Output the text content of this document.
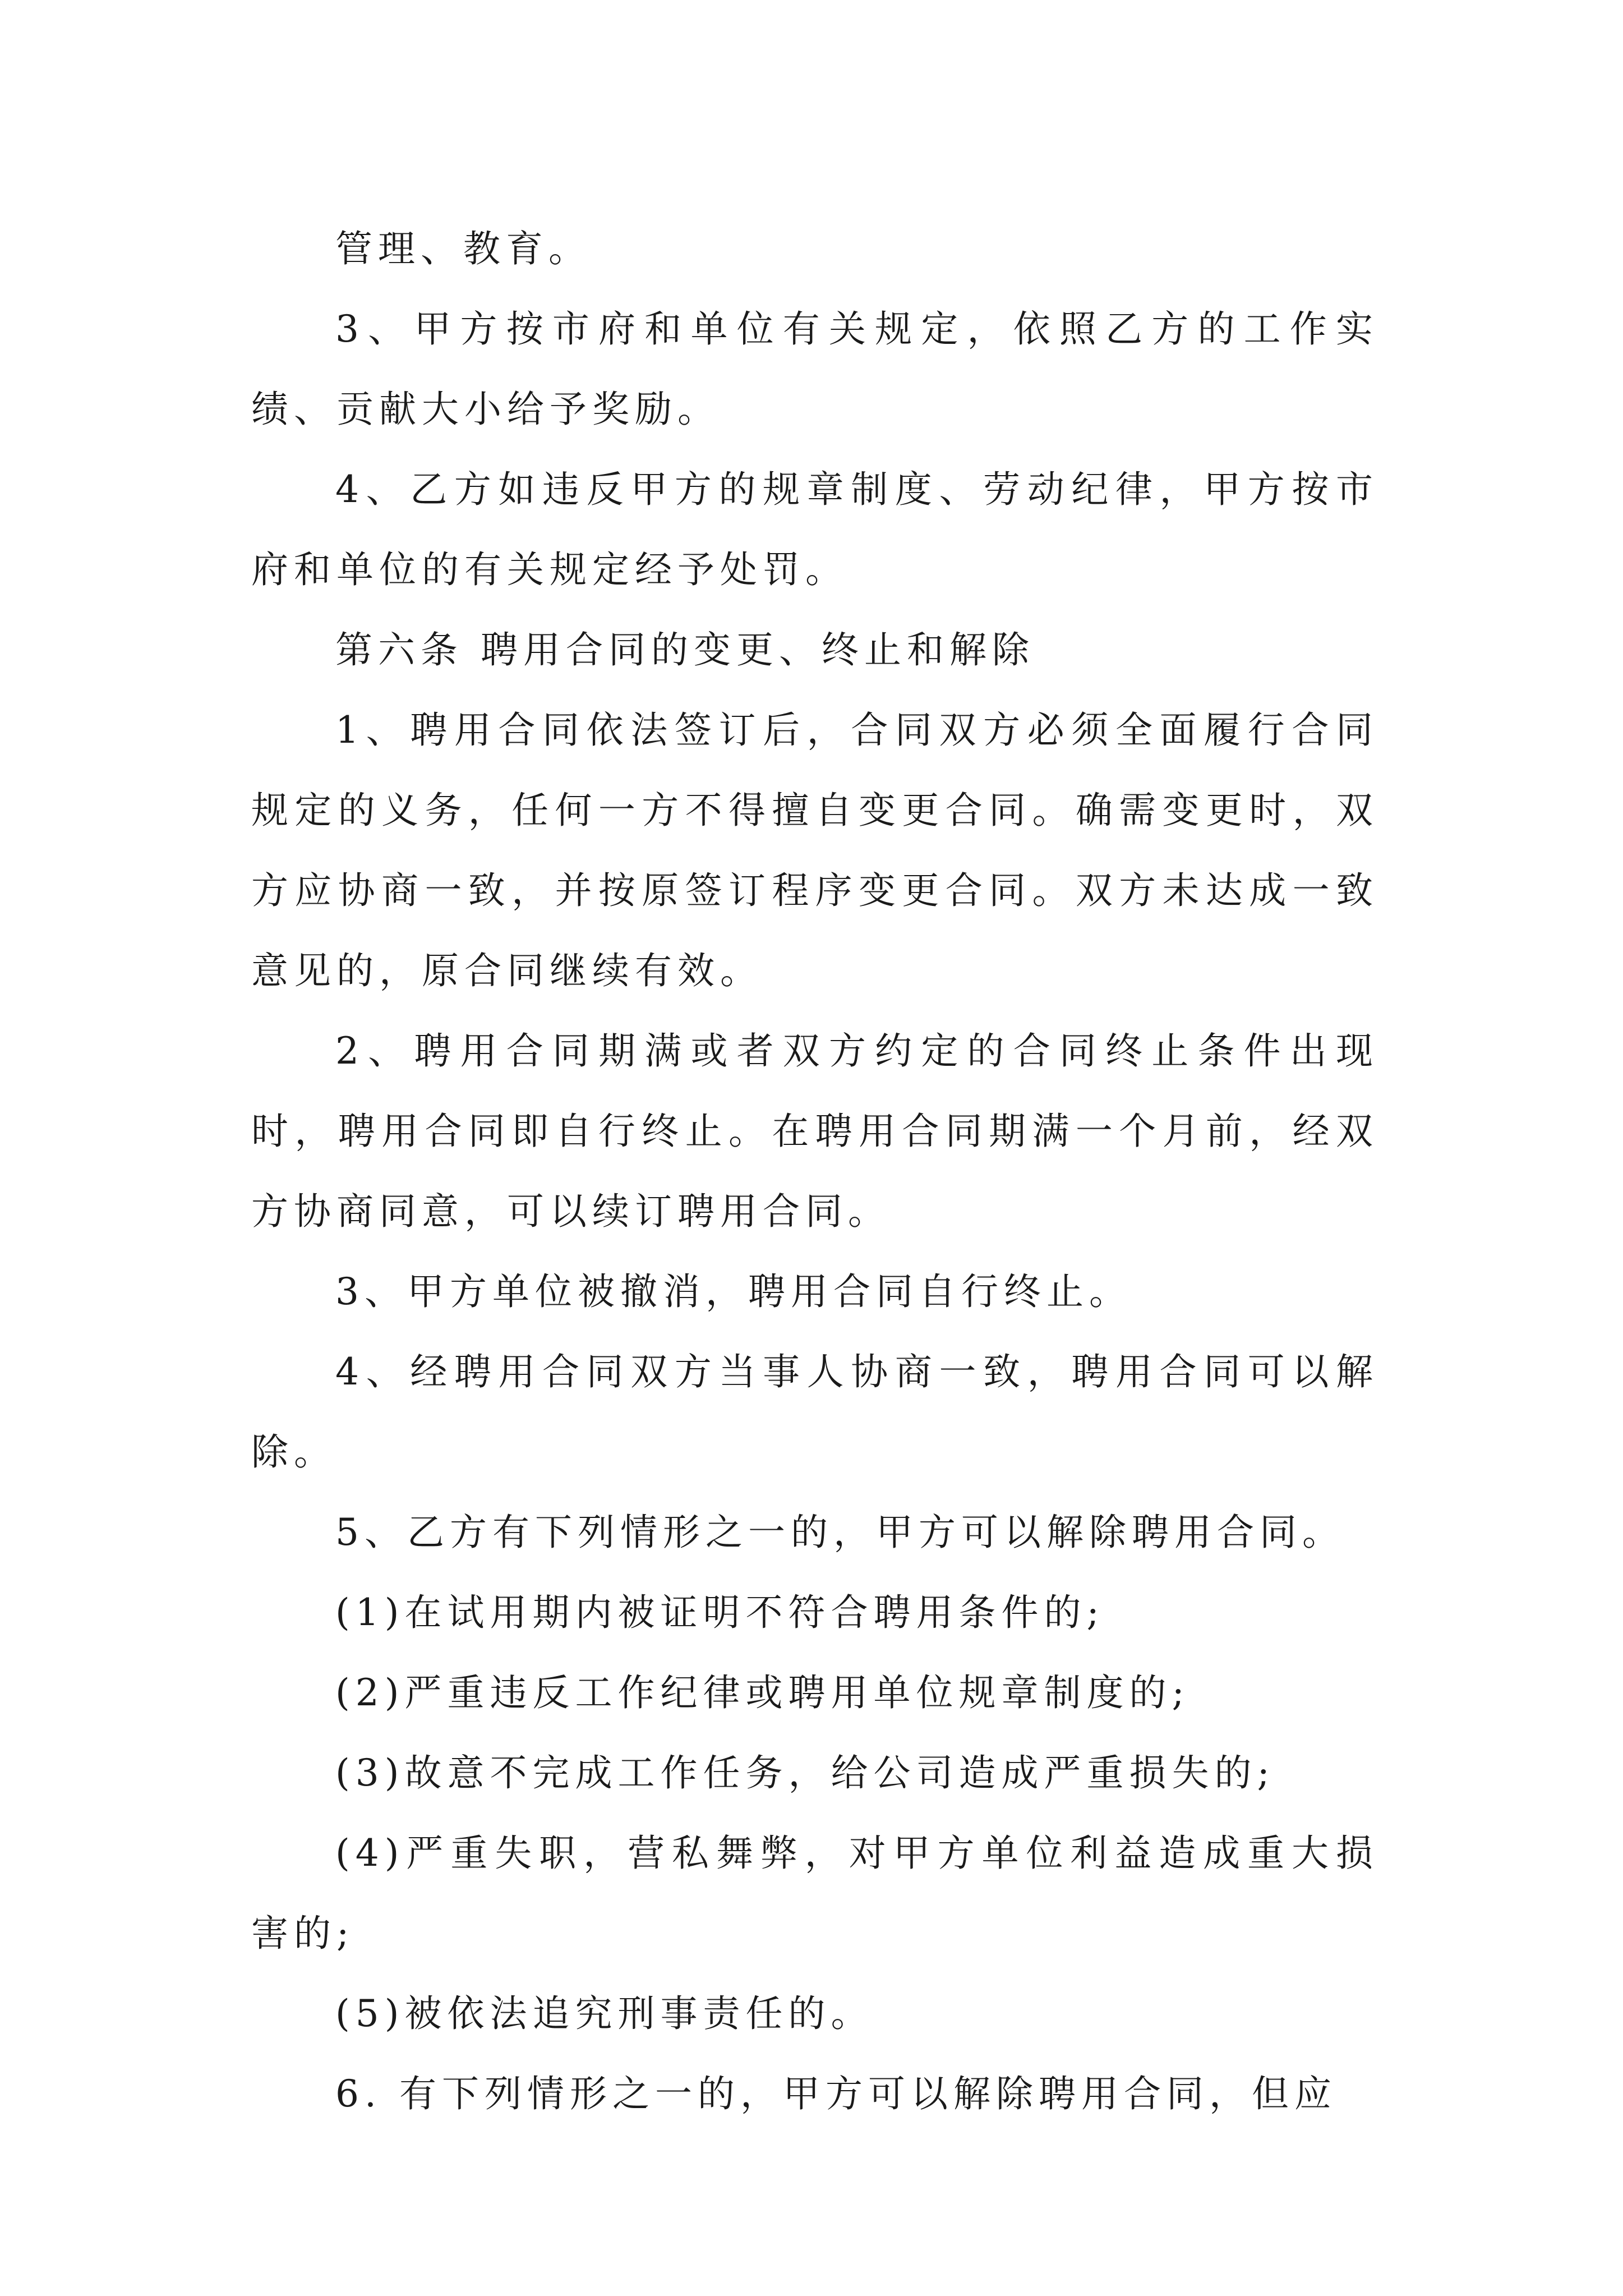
管理、教育。

3、甲方按市府和单位有关规定，依照乙方的工作实绩、贡献大小给予奖励。

4、乙方如违反甲方的规章制度、劳动纪律，甲方按市府和单位的有关规定经予处罚。

第六条 聘用合同的变更、终止和解除

1、聘用合同依法签订后，合同双方必须全面履行合同规定的义务，任何一方不得擅自变更合同。确需变更时，双方应协商一致，并按原签订程序变更合同。双方未达成一致意见的，原合同继续有效。

2、聘用合同期满或者双方约定的合同终止条件出现时，聘用合同即自行终止。在聘用合同期满一个月前，经双方协商同意，可以续订聘用合同。

3、甲方单位被撤消，聘用合同自行终止。

4、经聘用合同双方当事人协商一致，聘用合同可以解除。

5、乙方有下列情形之一的，甲方可以解除聘用合同。

(1)在试用期内被证明不符合聘用条件的;

(2)严重违反工作纪律或聘用单位规章制度的;

(3)故意不完成工作任务，给公司造成严重损失的;

(4)严重失职，营私舞弊，对甲方单位利益造成重大损害的;

(5)被依法追究刑事责任的。

6. 有下列情形之一的，甲方可以解除聘用合同，但应
